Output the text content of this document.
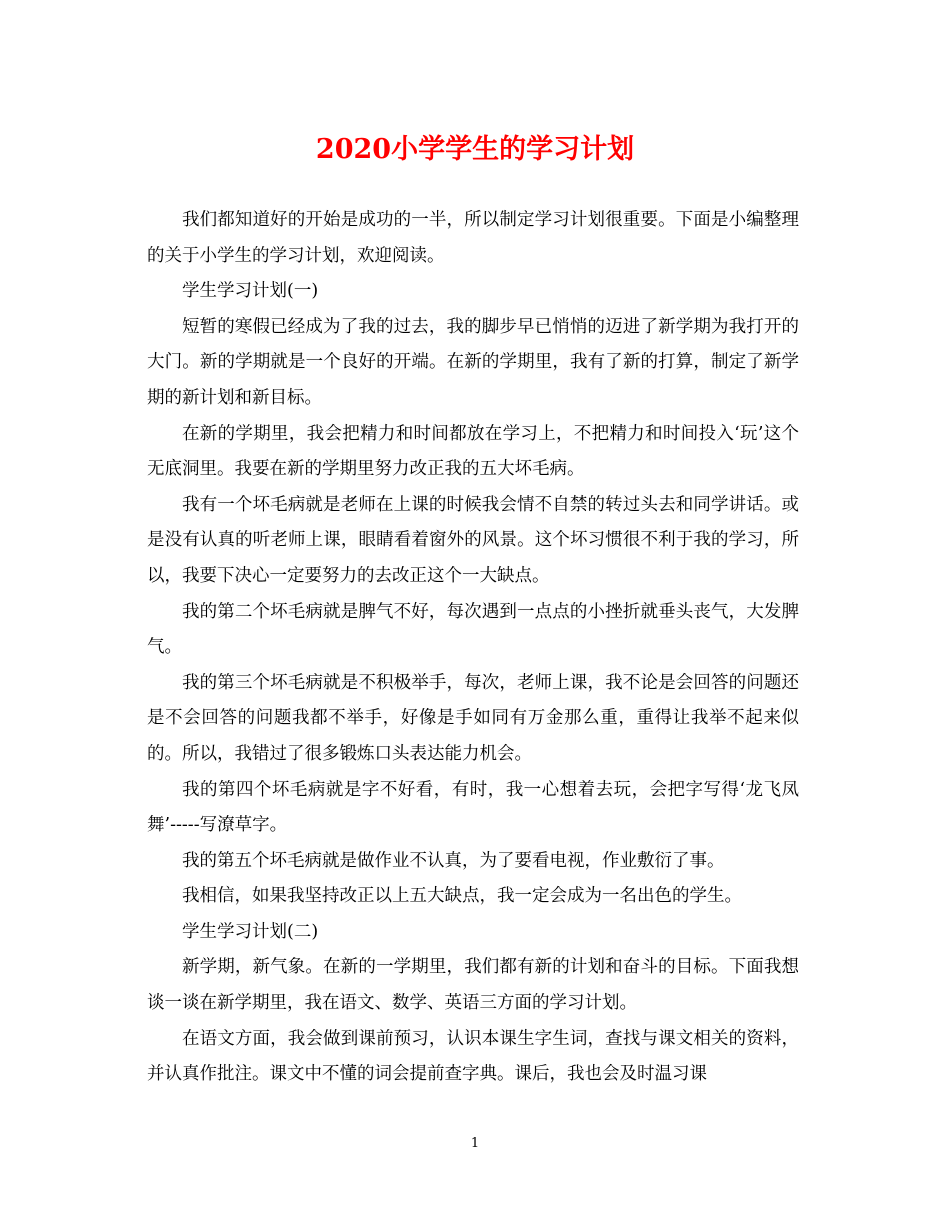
2020小学学生的学习计划

我们都知道好的开始是成功的一半，所以制定学习计划很重要。下面是小编整理的关于小学生的学习计划，欢迎阅读。

学生学习计划(一)

短暂的寒假已经成为了我的过去，我的脚步早已悄悄的迈进了新学期为我打开的大门。新的学期就是一个良好的开端。在新的学期里，我有了新的打算，制定了新学期的新计划和新目标。

在新的学期里，我会把精力和时间都放在学习上，不把精力和时间投入‘玩’这个无底洞里。我要在新的学期里努力改正我的五大坏毛病。

我有一个坏毛病就是老师在上课的时候我会情不自禁的转过头去和同学讲话。或是没有认真的听老师上课，眼睛看着窗外的风景。这个坏习惯很不利于我的学习，所以，我要下决心一定要努力的去改正这个一大缺点。

我的第二个坏毛病就是脾气不好，每次遇到一点点的小挫折就垂头丧气，大发脾气。

我的第三个坏毛病就是不积极举手，每次，老师上课，我不论是会回答的问题还是不会回答的问题我都不举手，好像是手如同有万金那么重，重得让我举不起来似的。所以，我错过了很多锻炼口头表达能力机会。

我的第四个坏毛病就是字不好看，有时，我一心想着去玩，会把字写得‘龙飞凤舞’-----写潦草字。

我的第五个坏毛病就是做作业不认真，为了要看电视，作业敷衍了事。

我相信，如果我坚持改正以上五大缺点，我一定会成为一名出色的学生。

学生学习计划(二)

新学期，新气象。在新的一学期里，我们都有新的计划和奋斗的目标。下面我想谈一谈在新学期里，我在语文、数学、英语三方面的学习计划。

在语文方面，我会做到课前预习，认识本课生字生词，查找与课文相关的资料，并认真作批注。课文中不懂的词会提前查字典。课后，我也会及时温习课

1
